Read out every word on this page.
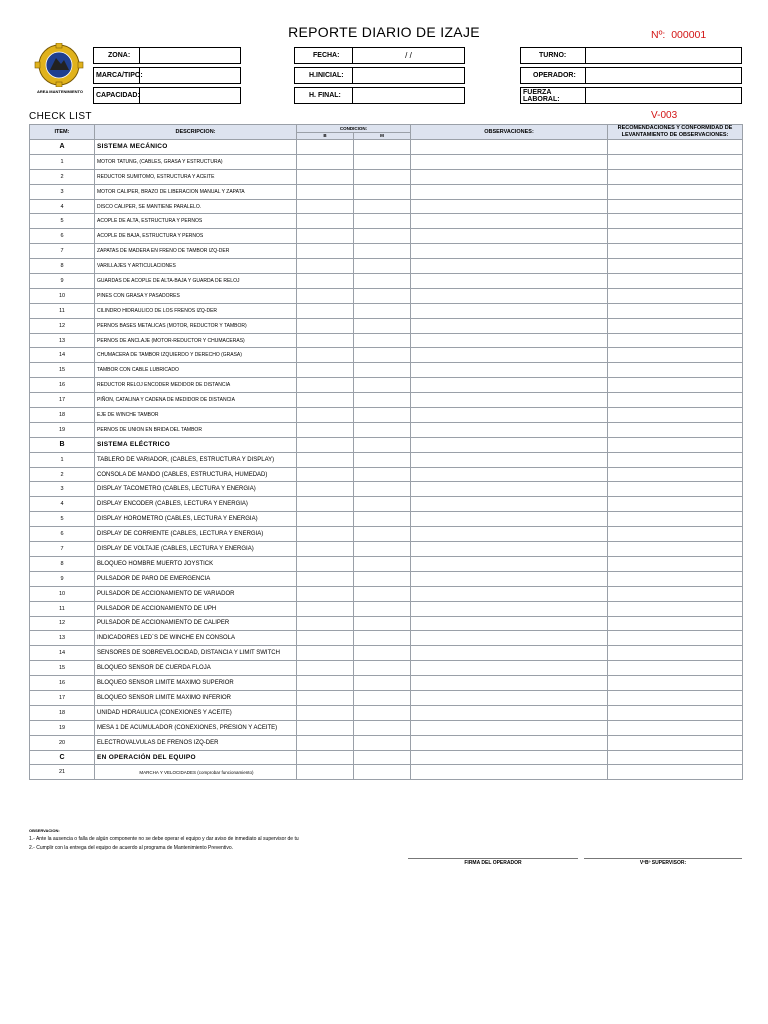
REPORTE DIARIO DE IZAJE	Nº: 000001
AREA MANTENIMIENTO
ZONA:
MARCA/TIPO:
CAPACIDAD:
FECHA:	/ /
H.INICIAL:
H. FINAL:
TURNO:
OPERADOR:
FUERZA LABORAL:
CHECK LIST	V-003
ITEM:	DESCRIPCION:	CONDICION:		OBSERVACIONES:	RECOMENDACIONES Y CONFORMIDAD DE
LEVANTAMIENTO DE OBSERVACIONES:

		B	M		
A	SISTEMA MECÁNICO				
1	MOTOR TATUNG, (CABLES, GRASA Y ESTRUCTURA)				
2	REDUCTOR SUMITOMO, ESTRUCTURA Y ACEITE				
3	MOTOR CALIPER, BRAZO DE LIBERACION MANUAL Y ZAPATA				
4	DISCO CALIPER, SE MANTIENE PARALELO.				
5	ACOPLE DE ALTA, ESTRUCTURA Y PERNOS				
6	ACOPLE DE BAJA, ESTRUCTURA Y PERNOS				
7	ZAPATAS DE MADERA EN FRENO DE TAMBOR IZQ-DER				
8	VARILLAJES Y ARTICULACIONES				
9	GUARDAS DE ACOPLE DE ALTA-BAJA Y GUARDA DE RELOJ				
10	PINES CON GRASA Y PASADORES				
11	CILINDRO HIDRAULICO DE LOS FRENOS IZQ-DER				
12	PERNOS BASES METALICAS (MOTOR, REDUCTOR Y TAMBOR)				
13	PERNOS DE ANCLAJE (MOTOR-REDUCTOR Y CHUMACERAS)				
14	CHUMACERA DE TAMBOR IZQUIERDO Y DERECHO (GRASA)				
15	TAMBOR CON CABLE LUBRICADO				
16	REDUCTOR RELOJ ENCODER MEDIDOR DE DISTANCIA				
17	PIÑON, CATALINA Y CADENA DE MEDIDOR DE DISTANCIA				
18	EJE DE WINCHE TAMBOR				
19	PERNOS DE UNION EN BRIDA DEL TAMBOR				
B	SISTEMA ELÉCTRICO				
1	TABLERO DE VARIADOR, (CABLES, ESTRUCTURA Y DISPLAY)				
2	CONSOLA DE MANDO (CABLES, ESTRUCTURA, HUMEDAD)				
3	DISPLAY TACOMETRO (CABLES, LECTURA Y ENERGIA)				
4	DISPLAY ENCODER (CABLES, LECTURA Y ENERGIA)				
5	DISPLAY HOROMETRO (CABLES, LECTURA Y ENERGIA)				
6	DISPLAY DE CORRIENTE (CABLES, LECTURA Y ENERGIA)				
7	DISPLAY DE VOLTAJE (CABLES, LECTURA Y ENERGIA)				
8	BLOQUEO HOMBRE MUERTO JOYSTICK				
9	PULSADOR DE PARO DE EMERGENCIA				
10	PULSADOR DE ACCIONAMIENTO DE VARIADOR				
11	PULSADOR DE ACCIONAMIENTO DE UPH				
12	PULSADOR DE ACCIONAMIENTO DE CALIPER				
13	INDICADORES LED´S DE WINCHE EN CONSOLA				
14	SENSORES DE SOBREVELOCIDAD, DISTANCIA Y LIMIT SWITCH				
15	BLOQUEO SENSOR DE CUERDA FLOJA				
16	BLOQUEO SENSOR LIMITE MAXIMO SUPERIOR				
17	BLOQUEO SENSOR LIMITE MAXIMO INFERIOR				
18	UNIDAD HIDRAULICA (CONEXIONES Y ACEITE)				
19	MESA 1 DE ACUMULADOR (CONEXIONES, PRESION Y ACEITE)				
20	ELECTROVALVULAS DE FRENOS IZQ-DER				
C	EN OPERACIÓN DEL EQUIPO				
21	MARCHA Y VELOCIDADES (comprobar funcionamiento)				
OBSERVACION:
1.- Ante la ausencia o falla de algún componente no se debe operar el equipo y dar aviso de inmediato al supervisor de tu
2.- Cumplir con la entrega del equipo de acuerdo al programa de Mantenimiento Preventivo.
FIRMA DEL OPERADOR	VºBº SUPERVISOR:
